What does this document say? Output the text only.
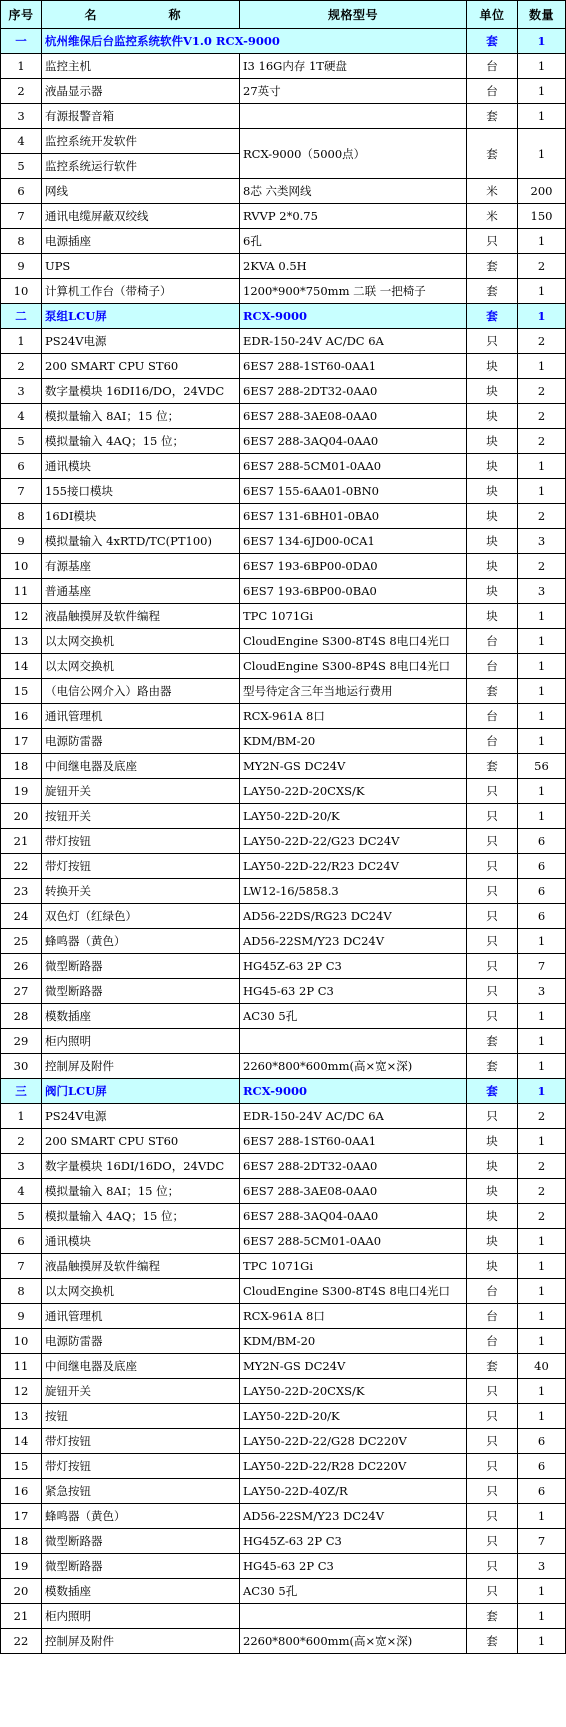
序号	名　　称	规格型号	单位	数量
一	杭州维保后台监控系统软件V1.0 RCX-9000		套	1
1	监控主机	I3 16G内存 1T硬盘	台	1
2	液晶显示器	27英寸	台	1
3	有源报警音箱		套	1
4	监控系统开发软件	RCX-9000（5000点）	套	1
5	监控系统运行软件			
6	网线	8芯 六类网线	米	200
7	通讯电缆屏蔽双绞线	RVVP 2*0.75	米	150
8	电源插座	6孔	只	1
9	UPS	2KVA 0.5H	套	2
10	计算机工作台（带椅子）	1200*900*750mm 二联 一把椅子	套	1
二	泵组LCU屏	RCX-9000	套	1
1	PS24V电源	EDR-150-24V AC/DC 6A	只	2
2	200 SMART CPU ST60	6ES7 288-1ST60-0AA1	块	1
3	数字量模块 16DI16/DO，24VDC	6ES7 288-2DT32-0AA0	块	2
4	模拟量输入 8AI；15 位；	6ES7 288-3AE08-0AA0	块	2
5	模拟量输入 4AQ；15 位；	6ES7 288-3AQ04-0AA0	块	2
6	通讯模块	6ES7 288-5CM01-0AA0	块	1
7	155接口模块	6ES7 155-6AA01-0BN0	块	1
8	16DI模块	6ES7 131-6BH01-0BA0	块	2
9	模拟量输入 4xRTD/TC(PT100)	6ES7 134-6JD00-0CA1	块	3
10	有源基座	6ES7 193-6BP00-0DA0	块	2
11	普通基座	6ES7 193-6BP00-0BA0	块	3
12	液晶触摸屏及软件编程	TPC 1071Gi	块	1
13	以太网交换机	CloudEngine S300-8T4S 8电口4光口	台	1
14	以太网交换机	CloudEngine S300-8P4S 8电口4光口	台	1
15	（电信公网介入）路由器	型号待定含三年当地运行费用	套	1
16	通讯管理机	RCX-961A 8口	台	1
17	电源防雷器	KDM/BM-20	台	1
18	中间继电器及底座	MY2N-GS DC24V	套	56
19	旋钮开关	LAY50-22D-20CXS/K	只	1
20	按钮开关	LAY50-22D-20/K	只	1
21	带灯按钮	LAY50-22D-22/G23 DC24V	只	6
22	带灯按钮	LAY50-22D-22/R23 DC24V	只	6
23	转换开关	LW12-16/5858.3	只	6
24	双色灯（红绿色）	AD56-22DS/RG23 DC24V	只	6
25	蜂鸣器（黄色）	AD56-22SM/Y23 DC24V	只	1
26	微型断路器	HG45Z-63 2P C3	只	7
27	微型断路器	HG45-63 2P C3	只	3
28	模数插座	AC30 5孔	只	1
29	柜内照明		套	1
30	控制屏及附件	2260*800*600mm(高×宽×深)	套	1
三	阀门LCU屏	RCX-9000	套	1
1	PS24V电源	EDR-150-24V AC/DC 6A	只	2
2	200 SMART CPU ST60	6ES7 288-1ST60-0AA1	块	1
3	数字量模块 16DI/16DO，24VDC	6ES7 288-2DT32-0AA0	块	2
4	模拟量输入 8AI；15 位；	6ES7 288-3AE08-0AA0	块	2
5	模拟量输入 4AQ；15 位；	6ES7 288-3AQ04-0AA0	块	2
6	通讯模块	6ES7 288-5CM01-0AA0	块	1
7	液晶触摸屏及软件编程	TPC 1071Gi	块	1
8	以太网交换机	CloudEngine S300-8T4S 8电口4光口	台	1
9	通讯管理机	RCX-961A 8口	台	1
10	电源防雷器	KDM/BM-20	台	1
11	中间继电器及底座	MY2N-GS DC24V	套	40
12	旋钮开关	LAY50-22D-20CXS/K	只	1
13	按钮	LAY50-22D-20/K	只	1
14	带灯按钮	LAY50-22D-22/G28 DC220V	只	6
15	带灯按钮	LAY50-22D-22/R28 DC220V	只	6
16	紧急按钮	LAY50-22D-40Z/R	只	6
17	蜂鸣器（黄色）	AD56-22SM/Y23 DC24V	只	1
18	微型断路器	HG45Z-63 2P C3	只	7
19	微型断路器	HG45-63 2P C3	只	3
20	模数插座	AC30 5孔	只	1
21	柜内照明		套	1
22	控制屏及附件	2260*800*600mm(高×宽×深)	套	1
